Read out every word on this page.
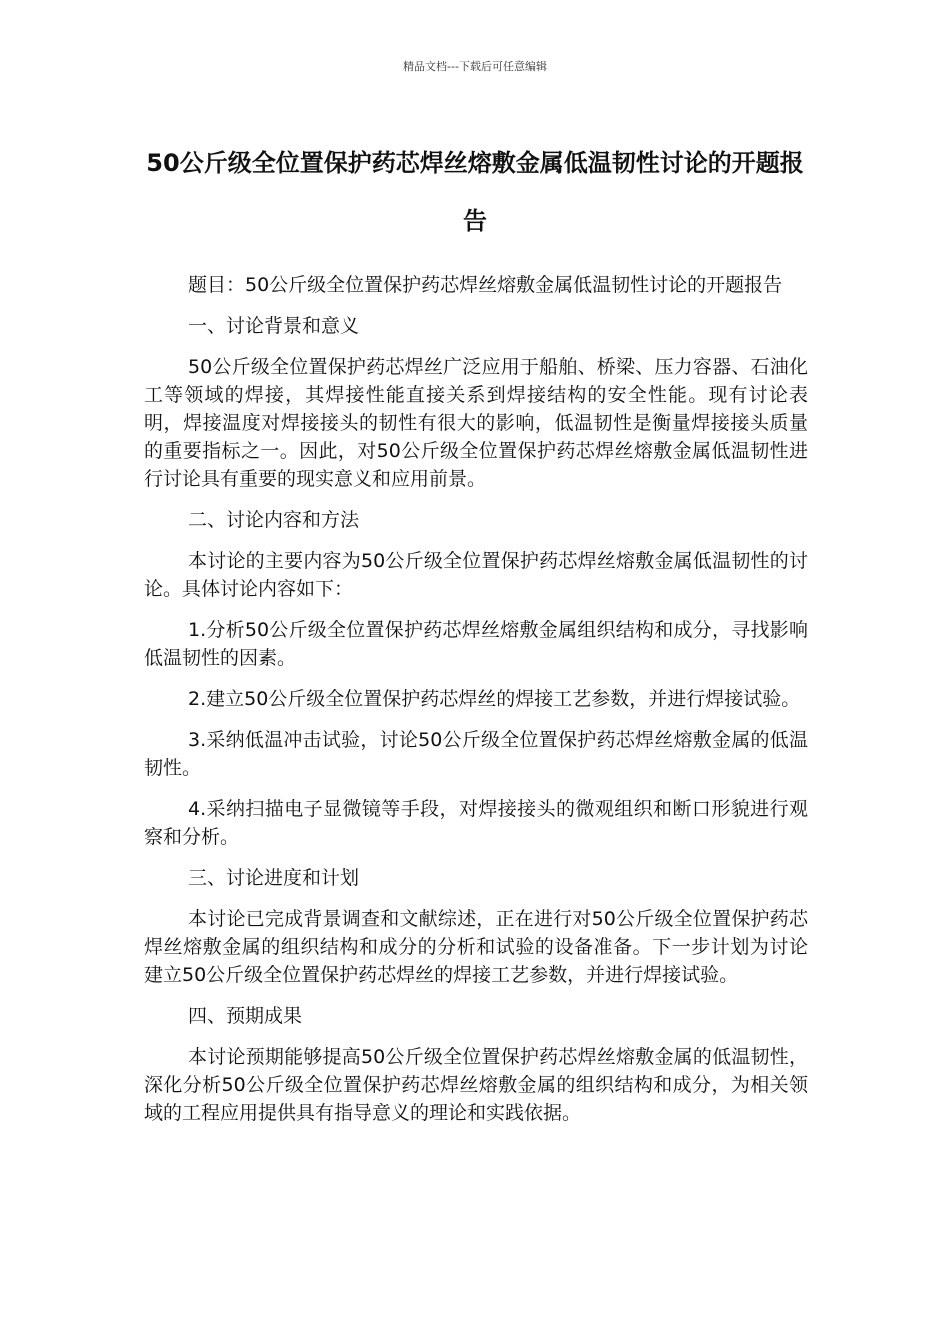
精品文档---下载后可任意编辑
50公斤级全位置保护药芯焊丝熔敷金属低温韧性讨论的开题报告

题目：50公斤级全位置保护药芯焊丝熔敷金属低温韧性讨论的开题报告

一、讨论背景和意义

50公斤级全位置保护药芯焊丝广泛应用于船舶、桥梁、压力容器、石油化工等领域的焊接，其焊接性能直接关系到焊接结构的安全性能。现有讨论表明，焊接温度对焊接接头的韧性有很大的影响，低温韧性是衡量焊接接头质量的重要指标之一。因此，对50公斤级全位置保护药芯焊丝熔敷金属低温韧性进行讨论具有重要的现实意义和应用前景。

二、讨论内容和方法

本讨论的主要内容为50公斤级全位置保护药芯焊丝熔敷金属低温韧性的讨论。具体讨论内容如下：

1.分析50公斤级全位置保护药芯焊丝熔敷金属组织结构和成分，寻找影响低温韧性的因素。

2.建立50公斤级全位置保护药芯焊丝的焊接工艺参数，并进行焊接试验。

3.采纳低温冲击试验，讨论50公斤级全位置保护药芯焊丝熔敷金属的低温韧性。

4.采纳扫描电子显微镜等手段，对焊接接头的微观组织和断口形貌进行观察和分析。

三、讨论进度和计划

本讨论已完成背景调查和文献综述，正在进行对50公斤级全位置保护药芯焊丝熔敷金属的组织结构和成分的分析和试验的设备准备。下一步计划为讨论建立50公斤级全位置保护药芯焊丝的焊接工艺参数，并进行焊接试验。

四、预期成果

本讨论预期能够提高50公斤级全位置保护药芯焊丝熔敷金属的低温韧性，深化分析50公斤级全位置保护药芯焊丝熔敷金属的组织结构和成分，为相关领域的工程应用提供具有指导意义的理论和实践依据。
